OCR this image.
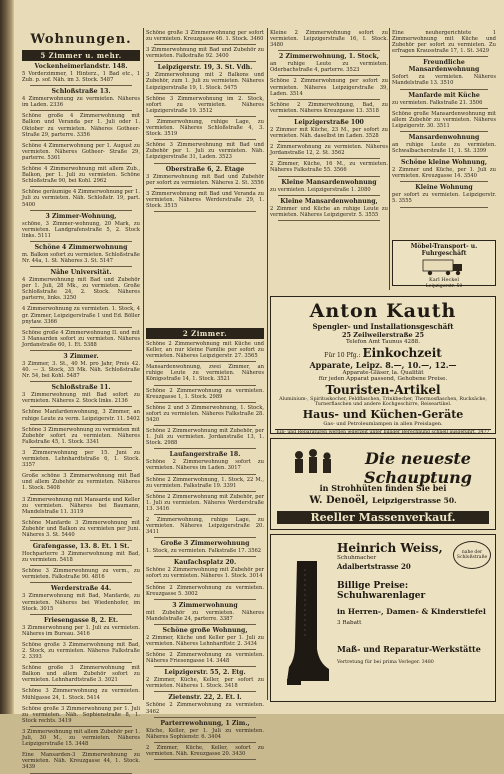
Wohnungen.
5 Zimmer u. mehr.
Vockenheimerlandstr. 148.
5 Vorderzimmer, 1 Hinterz., 1 Bad etc., 1 Zub. p. sof. Näh. im 3. Stock. 5487
Schloßstraße 13.
4 Zimmerwohnung zu vermieten. Näheres im Laden. 2336
Schöne große 4 Zimmerwohnung mit Balkon und Veranda per 1. Juli oder 1. Oktober zu vermieten. Näheres Gotheer- Straße 29, parterre. 3356
Schöne 4 Zimmerwohnung per 1. August zu vermieten. Näheres Gotheer- Straße 29, parterre. 5361
Schöne 4 Zimmerwohnung mit allem Zub., Balkon, per 1. Juli zu vermieten. Schöne Schloßstraße 90, bei Kohl. 2962
Schöne geräumige 4 Zimmerwohnung per 1. Juli zu vermieten. Näh. Schloßstr. 19, part. 5400
3 Zimmer-Wohnung,
schöne, 3 Zimmer-wohnung, 20 Mark, zu vermieten. Landgrafenstraße 5, 2. Stock links. 5111
Schöne 4 Zimmerwohnung
m. Balkon sofort zu vermieten. Schloßstraße Nr. 44a, 1. St. Näheres 3. St. 5147
Nähe Universität.
4 Zimmerwohnung mit Bad und Zubehör per 1. Juli, 28 Mk., zu vermieten. Große Schloßstraße 24, 2. Stock. Näheres parterre, links. 3250
4 Zimmerwohnung zu vermieten. 1. Stock, 4 gr. Zimmer, Leipzigerstraße 1 und Ed. Böller pnytaw. 3366
Schöne große 4 Zimmerwohnung II. und mit 3 Mansarden sofort zu vermieten. Näheres Jordanstraße 60, 1. Et. 5388
3 Zimmer.
3 Zimmer, 3. St., 40 M. pro Jahr, Preis 42. 40. — 3. Stock, 35 Mk. Näh. Schloßstraße Nr. 54, bei Kohl. 5487
Schloßstraße 11.
3 Zimmerwohnung mit Bad sofort zu vermieten. Näheres 2. Stock links. 2136
Schöne Manfardenwohnung, 3 Zimmer, an ruhige Leute zu verm. Leipzigerstr. 11. 5402
Schöne 3 Zimmerwohnung zu vermieten mit Zubehör sofort zu vermieten. Näheres Falkstraße 45, 1. Stock. 3341
3 Zimmerwohnung per 15. Juni zu vermieten. Lehnhardtstraße 6, 1. Stock. 3357
Große schöne 3 Zimmerwohnung mit Bad und allem Zubehör zu vermieten. Näheres 1. Stock. 5408
3 Zimmerwohnung mit Mansarde und Keller zu vermieten. Näheres bei Baumann, Mandelstraße 11. 3119
Schöne Manfarde 3 Zimmerwohnung mit Zubehör und Balkon zu vermieten per Juni. Näheres 3. St. 5440
Grafengasse, 13. 8. Et. 1 St.
Hochparterre 3 Zimmerwohnung mit Bad, zu vermieten. 5418
Schöne 3 Zimmerwohnung zu verm., zu vermieten. Falkstraße 90. 4816
Werderstraße 44.
3 Zimmerwohnung mit Bad, Manfarde, zu vermieten. Näheres bei Wiedenhofer, im Stock. 3015
Friesengasse 8, 2. Et.
3 Zimmerwohnung per 1. Juli zu vermieten. Näheres im Bureau. 3416
Schöne große 3 Zimmerwohnung mit Bad, 2. Stock, zu vermieten. Näheres Falkstraße 2. 3393
Schöne große 3 Zimmerwohnung mit Balkon und allem Zubehör sofort zu vermieten. Lehnhardtstraße 3. 3021
Schöne 3 Zimmerwohnung zu vermieten. Mühlgasse 24, 1. Stock. 5414
Schöne große 3 Zimmerwohnung per 1. Juli zu vermieten. Näh. Sophienstraße 8, 1. Stock rechts. 3419
3 Zimmerwohnung mit allem Zubehör per 1. Juli, 30 M., zu vermieten. Näheres Leipzigerstraße 15. 3448
Eine Mansarden-3 Zimmerwohnung zu vermieten. Näh. Kreuzgasse 44, 1. Stock. 3439
Schöne große 3 Zimmerwohnung per sofort zu vermieten. Kreuzgasse 46. 1. Stock. 3460
3 Zimmerwohnung mit Bad und Zubehör zu vermieten. Falkstraße 92. 3400
Leipzigerstr. 19, 3. St. Vdh.
3 Zimmerwohnung mit 2 Balkons und Zubehör, zum 1. Juli zu vermieten. Näheres Leipzigerstraße 19, 1. Stock. 5475
Schöne 3 Zimmerwohnung im 2. Stock, sofort zu vermieten. Näheres Leipzigerstraße 19. 3512
3 Zimmerwohnung, ruhige Lage, zu vermieten. Näheres Schloßstraße 4, 3. Stock. 3519
Schöne 3 Zimmerwohnung mit Bad und Zubehör per 1. Juli zu vermieten. Näh. Leipzigerstraße 31, Laden. 3523
Oberstraße 6, 2. Etage
3 Zimmerwohnung mit Bad und Zubehör per sofort zu vermieten. Näheres 2. St. 3556
3 Zimmerwohnung mit Bad und Veranda zu vermieten. Näheres Werderstraße 29, 1. Stock. 3515
2 Zimmer.
Schöne 2 Zimmerwohnung mit Küche und Keller, an nur kleine Familie per sofort zu vermieten. Näheres Leipzigerstr. 27. 3565
Mansardenwohnung, zwei Zimmer, an ruhige Leute zu vermieten. Näheres Königsstraße 14, 1. Stock. 3521
Schöne 2 Zimmerwohnung zu vermieten. Kreuzgasse 1, 1. Stock. 2989
Schöne 2 und 3 Zimmerwohnung, 1. Stock, sofort zu vermieten. Näheres Falkstraße 28. 5420
Schöne 2 Zimmerwohnung mit Zubehör, per 1. Juli zu vermieten. Jordanstraße 13, 1. Stock. 2988
Laufangerstraße 18.
Schöne 2 Zimmerwohnung sofort zu vermieten. Näheres im Laden. 3017
Schöne 2 Zimmerwohnung, 1. Stock, 22 M., zu vermieten. Falkstraße 19. 3391
Schöne 2 Zimmerwohnung mit Zubehör, per 1. Juli zu vermieten. Näheres Werderstraße 13. 3416
2 Zimmerwohnung, ruhige Lage, zu vermieten. Näheres Leipzigerstraße 20. 3411
Große 3 Zimmerwohnung
1. Stock, zu vermieten. Falkstraße 17. 3562
Kaufachsplatz 20.
Schöne 2 Zimmerwohnung mit Zubehör per sofort zu vermieten. Näheres 1. Stock. 3014
Schöne 2 Zimmerwohnung zu vermieten. Kreuzgasse 5. 3002
3 Zimmerwohnung
mit Zubehör zu vermieten. Näheres Mandelstraße 24, parterre. 3387
Schöne große Wohnung,
2 Zimmer, Küche und Keller per 1. Juli zu vermieten. Näheres Lehnhardtstr. 2. 3434
Schöne 2 Zimmerwohnung zu vermieten. Näheres Friesengasse 14. 3448
Leipzigerstr. 55, 2. Etg.
2 Zimmer, Küche, Keller, per sofort zu vermieten. Näheres 1. Stock. 3418
Zietenstr. 22, 2. Et. l.
Schöne 2 Zimmerwohnung zu vermieten. 3462
Parterrewohnung, 1 Zim.,
Küche, Keller, per 1. Juli zu vermieten. Näheres Sophienstr. 6. 3404
2 Zimmer, Küche, Keller, sofort zu vermieten. Näh. Kreuzgasse 20. 3430
Kleine 2 Zimmerwohnung sofort zu vermieten. Leipzigerstraße 16, I. Stock. 3480
2 Zimmerwohnung, 1. Stock,
an ruhige Leute zu vermieten. Oderbachstraße 4, parterre. 3523
Schöne 2 Zimmerwohnung per sofort zu vermieten. Näheres Leipzigerstraße 39, Laden. 3514
Schöne 2 Zimmerwohnung, Bad, zu vermieten. Näheres Kreuzgasse 13. 3518
Leipzigerstraße 100
2 Zimmer mit Küche, 23 M., per sofort zu vermieten. Näh. daselbst im Laden. 3528
2 Zimmerwohnung zu vermieten. Näheres Jordanstraße 12, 2. St. 3562
2 Zimmer, Küche, 16 M., zu vermieten. Näheres Falkstraße 55. 3566
Kleine Mansardenwohnung
zu vermieten. Leipzigerstraße 1. 2080
Kleine Mansardenwohnung,
2 Zimmer und Küche an ruhige Leute zu vermieten. Näheres Leipzigerstr. 5. 3555
Eine neuhergerichtete 1 Zimmerwohnung mit Küche und Zubehör per sofort zu vermieten. Zu erfragen Krausstraße 17, 1. St. 3429
Freundliche Mansardenwohnung
Sofort zu vermieten. Näheres Mandelstraße 13. 3510
Manfarde mit Küche
zu vermieten. Falkstraße 21. 3506
Schöne große Mansardenwohnung mit allem Zubehör zu vermieten. Näheres Leipzigerstr. 30. 3511
Mansardenwohnung
an ruhige Leute zu vermieten. Schwalbacherstraße 11, 1. St. 3399
Schöne kleine Wohnung,
2 Zimmer und Küche, per 1. Juli zu vermieten. Kreuzgasse 14. 3540
Kleine Wohnung
per sofort zu vermieten. Leipzigerstr. 5. 3555
Möbel-Transport- u. Fuhrgeschäft
Karl Heckel
Leipzigerstr. 50
Anton Kauth
Spengler- und Installationsgeschäft
25 Zeilweilerstraße 25
Telefon Amt Taunus 4288.
Für 10 Pfg.: Einkochzeit
Apparate, Leipz. 8.—, 10.—, 12.—
Apparate-Gläser, la. Qualität
für jeden Apparat passend, Gehobene Preise.
Touristen-Artikel
Aluminium-, Spirituskocher, Feldflaschen, Trinkbecher, Thermosflaschen, Rucksäcke, Turnerflaschen und andere Kochgeschirre, Reiseartikel.
Haus- und Küchen-Geräte
Gas- und Petroleumlampen in allen Preislagen.
Ein- und Reparaturen werden jederzeit unter billiger Berechnung schnell ausgeführt. 3477
Die neueste Schauptung
in Strohhüten finden Sie bei
W. Denoël, Leipzigerstrasse 50.
Reeller Massenverkauf.
nahe der Schloßstraße
Heinrich Weiss,
Schuhmacher
Adalbertstrasse 20
Billige Preise: Schuhwarenlager
in Herren-, Damen- & Kinderstiefel
3 Rabatt
Maß- und Reparatur-Werkstätte
Vertretung für bei prima Verleger. 3480
